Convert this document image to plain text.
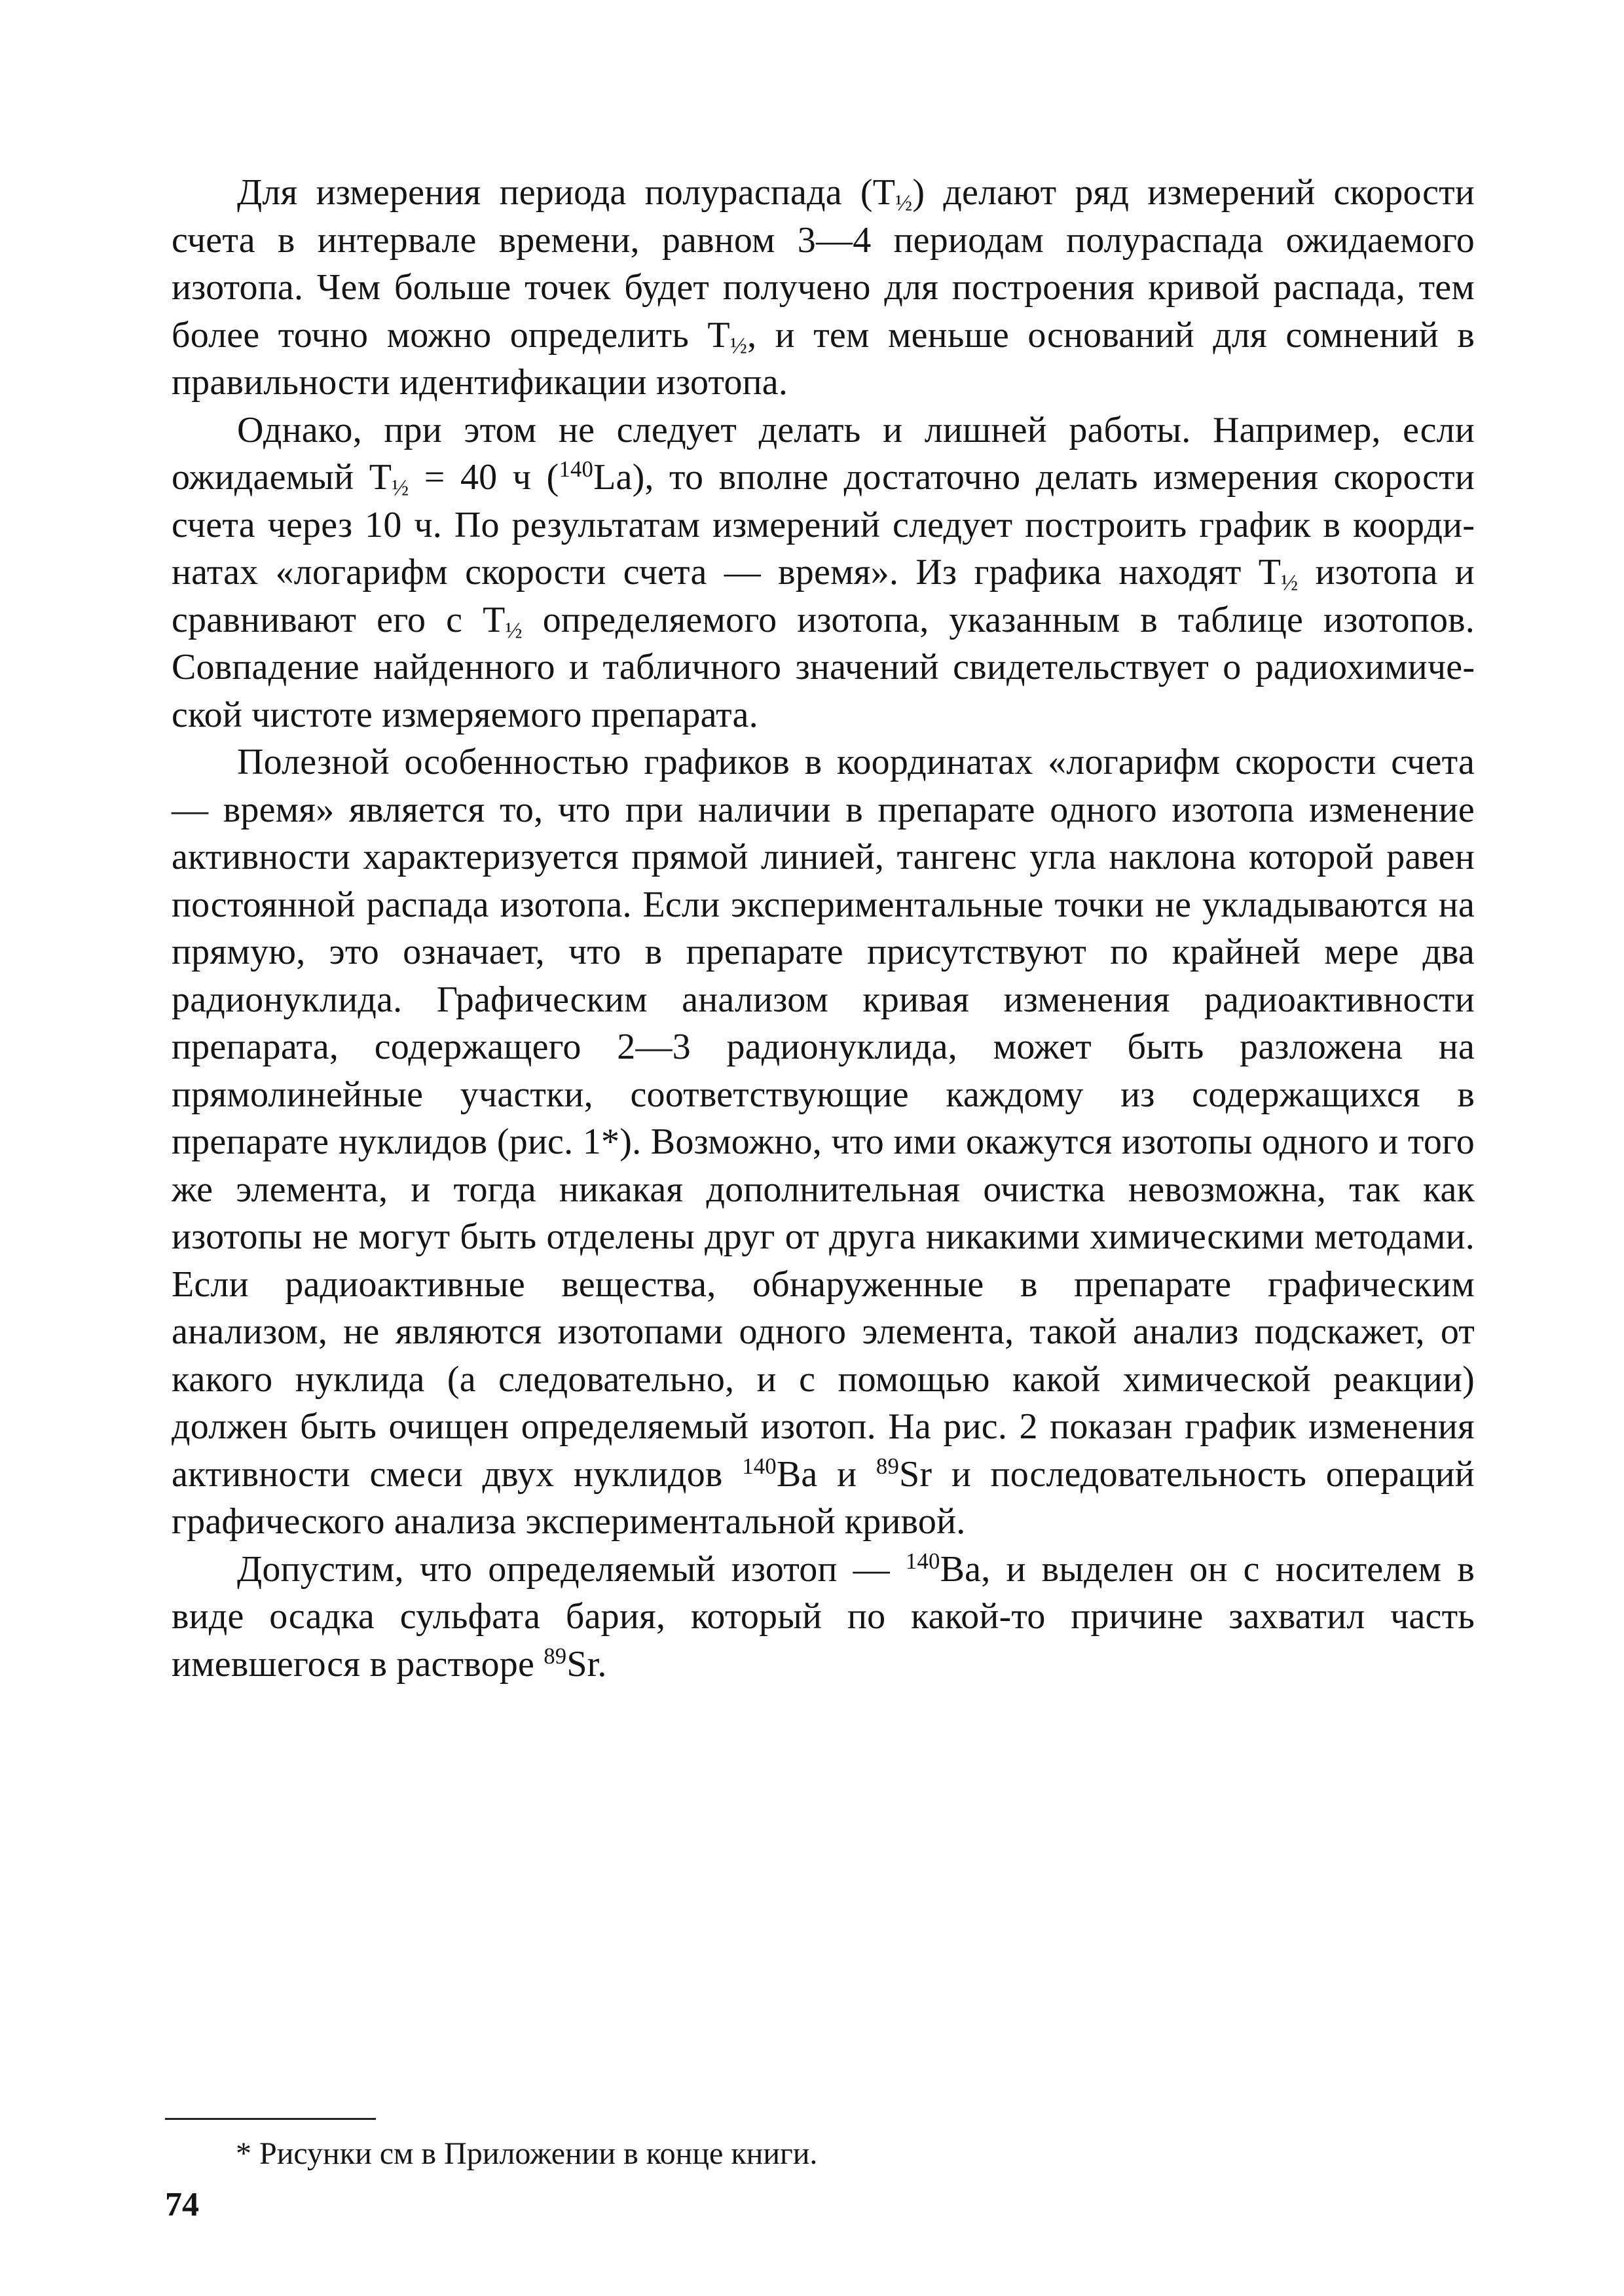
Для измерения периода полураспада $(T_{\frac{1}{2}})$ делают ряд измерений скорости счета в интервале времени, равном 3—4 периодам полураспада ожидаемого изотопа. Чем больше точек будет получено для построения кривой распада, тем более точно можно определить $T_{\frac{1}{2}}$, и тем меньше оснований для сомнений в правильности идентификации изотопа.

Однако, при этом не следует делать и лишней работы. Например, если ожидаемый $T_{\frac{1}{2}} = 40$ ч ($^{140}$La), то вполне достаточно делать измерения скорости счета через 10 ч. По результатам измерений следует построить график в координатах «логарифм скорости счета — время». Из графика находят $T_{\frac{1}{2}}$ изотопа и сравнивают его с $T_{\frac{1}{2}}$ определяемого изотопа, указанным в таблице изотопов. Совпадение найденного и табличного значений свидетельствует о радиохимической чистоте измеряемого препарата.

Полезной особенностью графиков в координатах «логарифм скорости счета — время» является то, что при наличии в препарате одного изотопа изменение активности характеризуется прямой линией, тангенс угла наклона которой равен постоянной распада изотопа. Если экспериментальные точки не укладываются на прямую, это означает, что в препарате присутствуют по крайней мере два радионуклида. Графическим анализом кривая изменения радиоактивности препарата, содержащего 2—3 радионуклида, может быть разложена на прямолинейные участки, соответствующие каждому из содержащихся в препарате нуклидов (рис. 1*). Возможно, что ими окажутся изотопы одного и того же элемента, и тогда никакая дополнительная очистка невозможна, так как изотопы не могут быть отделены друг от друга никакими химическими методами. Если радиоактивные вещества, обнаруженные в препарате графическим анализом, не являются изотопами одного элемента, такой анализ подскажет, от какого нуклида (а следовательно, и с помощью какой химической реакции) должен быть очищен определяемый изотоп. На рис. 2 показан график изменения активности смеси двух нуклидов $^{140}$Ba и $^{89}$Sr и последовательность операций графического анализа экспериментальной кривой.

Допустим, что определяемый изотоп — $^{140}$Ba, и выделен он с носителем в виде осадка сульфата бария, который по какой-то причине захватил часть имевшегося в растворе $^{89}$Sr.

* Рисунки см в Приложении в конце книги.

74
